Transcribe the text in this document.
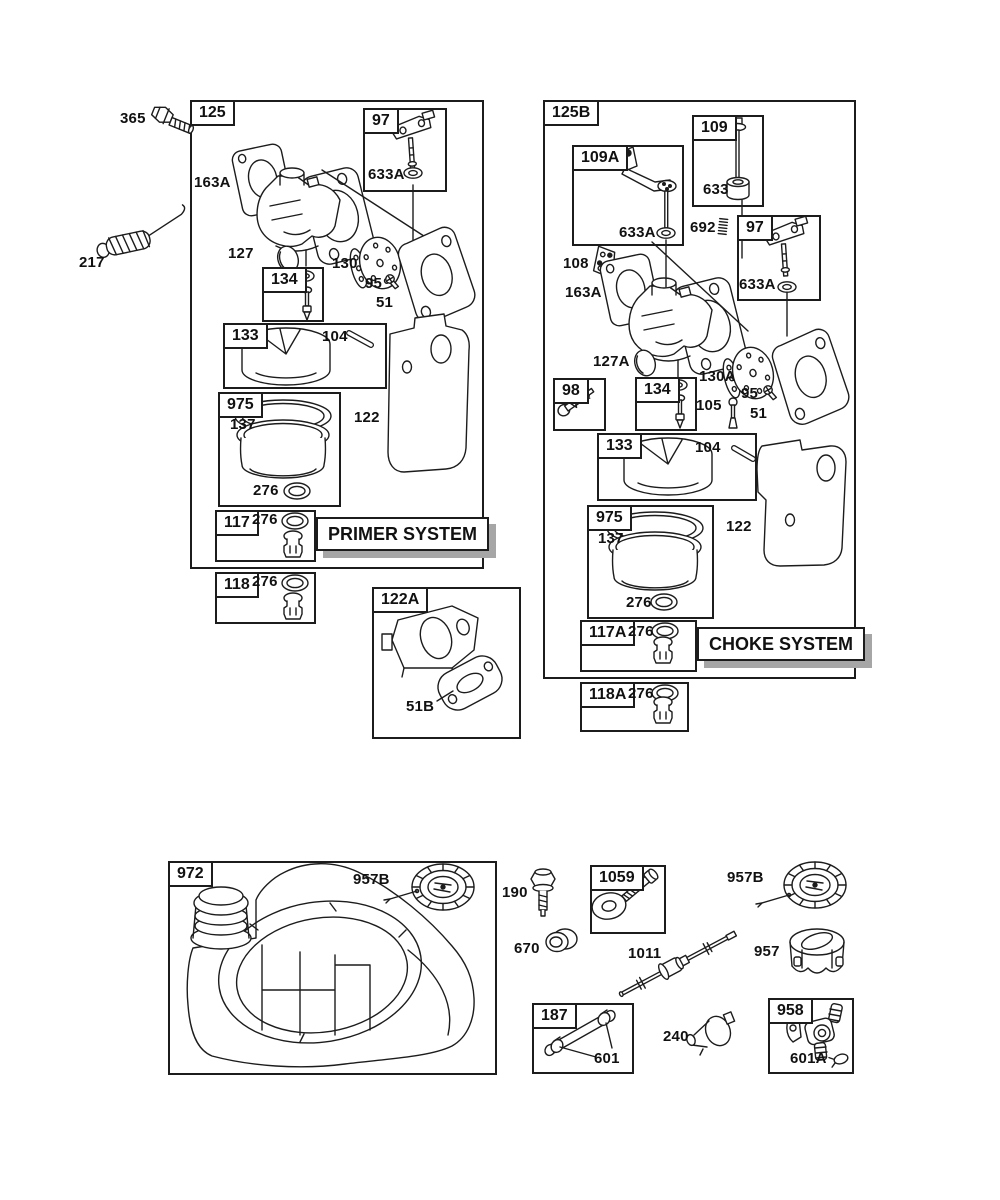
125	97
134
133
975
117
118
122A
125B
109A
109
97
98	134
133
975
117A
118A
972	1059
187	958
PRIMER SYSTEM
CHOKE SYSTEM
365
217
163A	633A
127
130
95
51
104
137
276
276
276
122
51B
633A
633
692
633A
108
163A
127A
130A
105
95
51
104
122
137
276
276
276
957B
190
957B
670	1011	957
601
240
601A
